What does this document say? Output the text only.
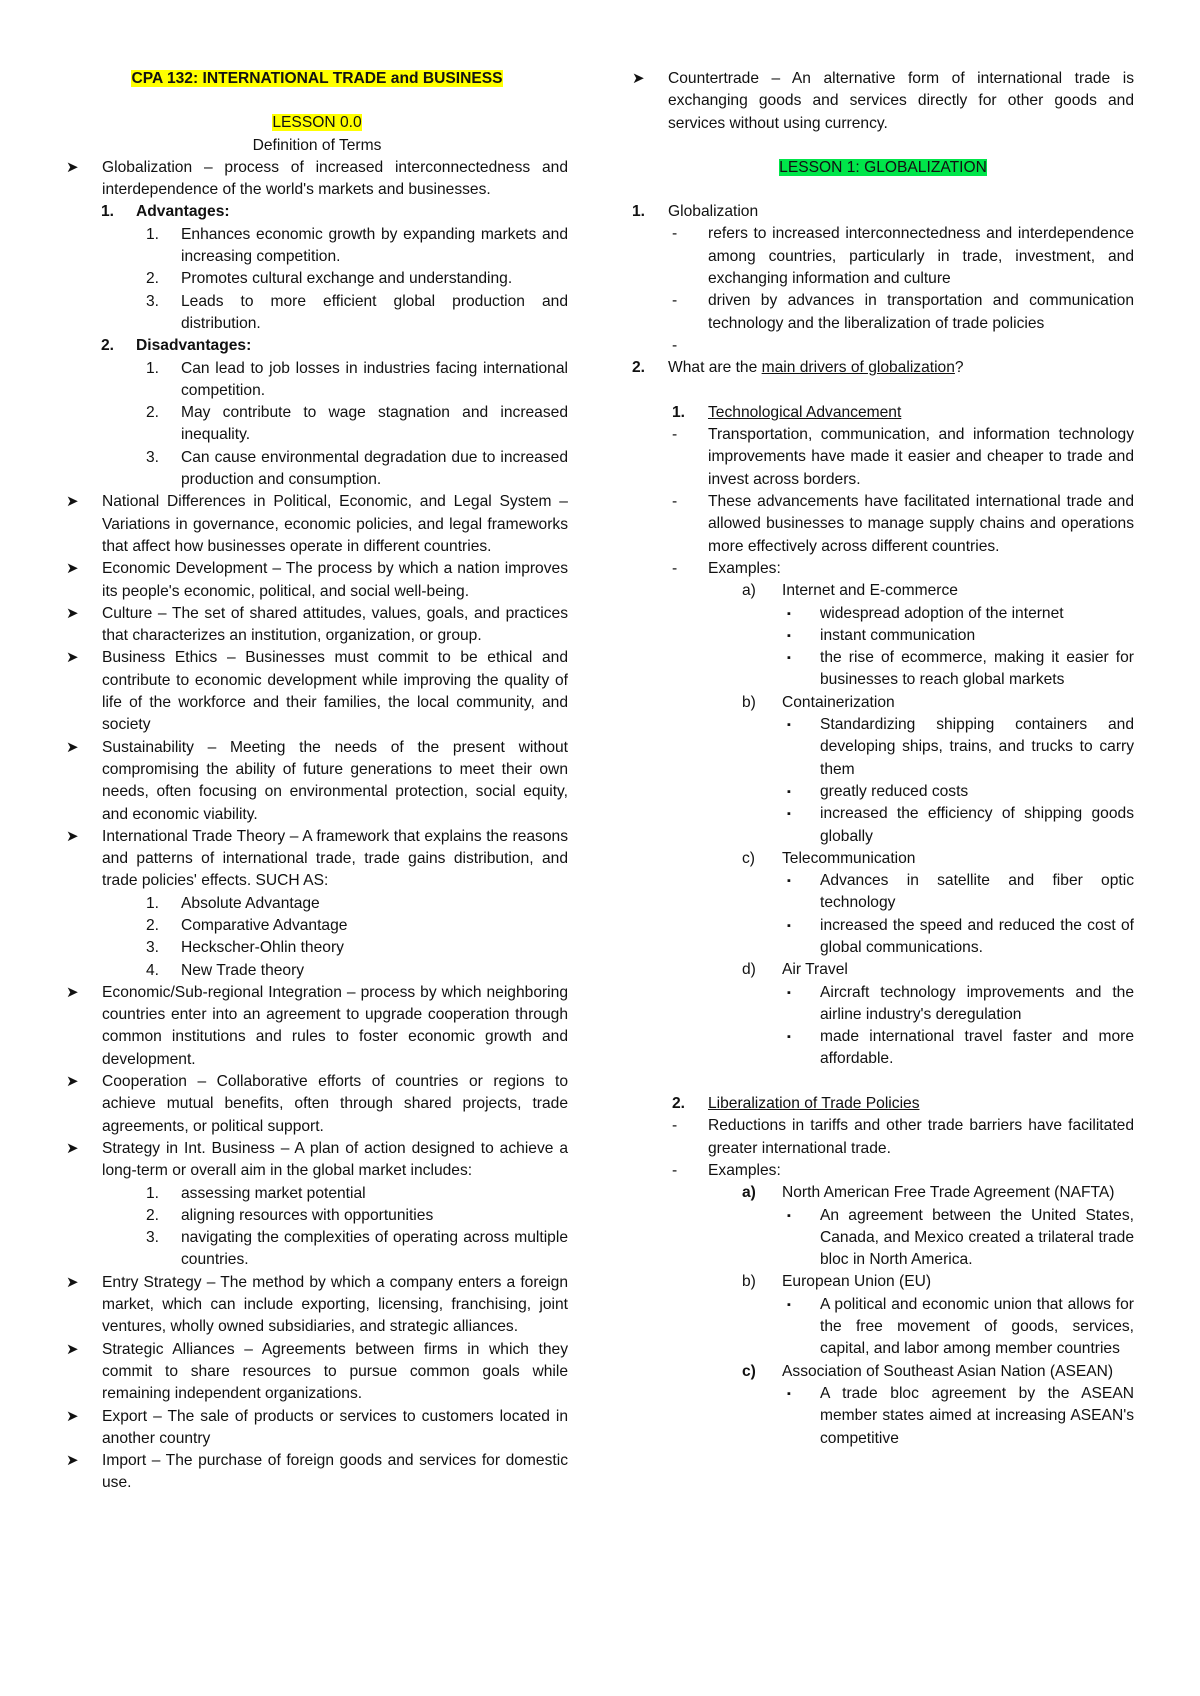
CPA 132: INTERNATIONAL TRADE and BUSINESS
LESSON 0.0
Definition of Terms
➤ Globalization – process of increased interconnectedness and interdependence of the world's markets and businesses.
1. Advantages:
1. Enhances economic growth by expanding markets and increasing competition.
2. Promotes cultural exchange and understanding.
3. Leads to more efficient global production and distribution.
2. Disadvantages:
1. Can lead to job losses in industries facing international competition.
2. May contribute to wage stagnation and increased inequality.
3. Can cause environmental degradation due to increased production and consumption.
➤ National Differences in Political, Economic, and Legal System – Variations in governance, economic policies, and legal frameworks that affect how businesses operate in different countries.
➤ Economic Development – The process by which a nation improves its people's economic, political, and social well-being.
➤ Culture – The set of shared attitudes, values, goals, and practices that characterizes an institution, organization, or group.
➤ Business Ethics – Businesses must commit to be ethical and contribute to economic development while improving the quality of life of the workforce and their families, the local community, and society
➤ Sustainability – Meeting the needs of the present without compromising the ability of future generations to meet their own needs, often focusing on environmental protection, social equity, and economic viability.
➤ International Trade Theory – A framework that explains the reasons and patterns of international trade, trade gains distribution, and trade policies' effects. SUCH AS:
1. Absolute Advantage
2. Comparative Advantage
3. Heckscher-Ohlin theory
4. New Trade theory
➤ Economic/Sub-regional Integration – process by which neighboring countries enter into an agreement to upgrade cooperation through common institutions and rules to foster economic growth and development.
➤ Cooperation – Collaborative efforts of countries or regions to achieve mutual benefits, often through shared projects, trade agreements, or political support.
➤ Strategy in Int. Business – A plan of action designed to achieve a long-term or overall aim in the global market includes:
1. assessing market potential
2. aligning resources with opportunities
3. navigating the complexities of operating across multiple countries.
➤ Entry Strategy – The method by which a company enters a foreign market, which can include exporting, licensing, franchising, joint ventures, wholly owned subsidiaries, and strategic alliances.
➤ Strategic Alliances – Agreements between firms in which they commit to share resources to pursue common goals while remaining independent organizations.
➤ Export – The sale of products or services to customers located in another country
➤ Import – The purchase of foreign goods and services for domestic use.
➤ Countertrade – An alternative form of international trade is exchanging goods and services directly for other goods and services without using currency.
LESSON 1: GLOBALIZATION
1. Globalization
- refers to increased interconnectedness and interdependence among countries, particularly in trade, investment, and exchanging information and culture
- driven by advances in transportation and communication technology and the liberalization of trade policies
-

2. What are the main drivers of globalization?

1. Technological Advancement
- Transportation, communication, and information technology improvements have made it easier and cheaper to trade and invest across borders.
- These advancements have facilitated international trade and allowed businesses to manage supply chains and operations more effectively across different countries.
- Examples:
a) Internet and E-commerce
▪ widespread adoption of the internet
▪ instant communication
▪ the rise of ecommerce, making it easier for businesses to reach global markets
b) Containerization
▪ Standardizing shipping containers and developing ships, trains, and trucks to carry them
▪ greatly reduced costs
▪ increased the efficiency of shipping goods globally
c) Telecommunication
▪ Advances in satellite and fiber optic technology
▪ increased the speed and reduced the cost of global communications.
d) Air Travel
▪ Aircraft technology improvements and the airline industry's deregulation
▪ made international travel faster and more affordable.

2. Liberalization of Trade Policies
- Reductions in tariffs and other trade barriers have facilitated greater international trade.
- Examples:
a) North American Free Trade Agreement (NAFTA)
▪ An agreement between the United States, Canada, and Mexico created a trilateral trade bloc in North America.
b) European Union (EU)
▪ A political and economic union that allows for the free movement of goods, services, capital, and labor among member countries
c) Association of Southeast Asian Nation (ASEAN)
▪ A trade bloc agreement by the ASEAN member states aimed at increasing ASEAN's competitive
